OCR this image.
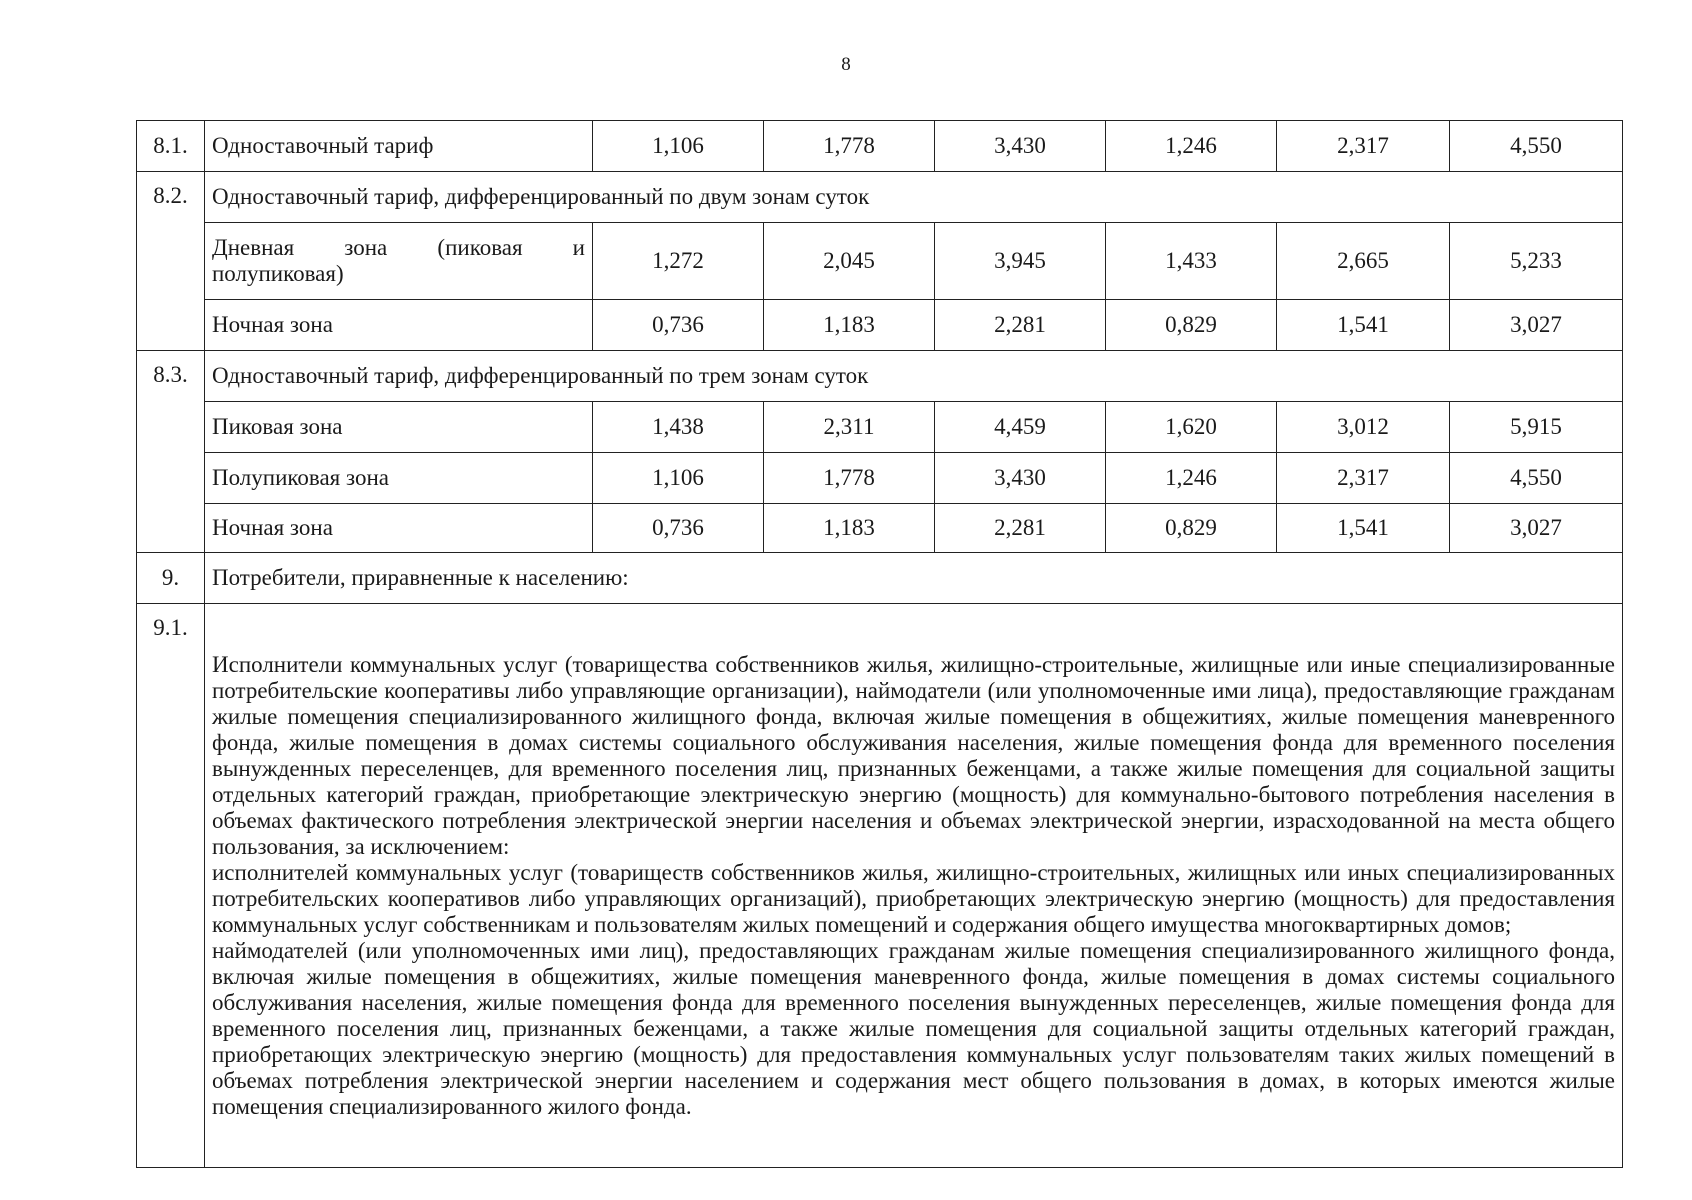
8
8.1.	Одноставочный тариф	1,106	1,778	3,430	1,246	2,317	4,550
8.2.	Одноставочный тариф, дифференцированный по двум зонам суток						

	Дневная зона (пиковая и полупиковая)	1,272	2,045	3,945	1,433	2,665	5,233
	Ночная зона	0,736	1,183	2,281	0,829	1,541	3,027
8.3.	Одноставочный тариф, дифференцированный по трем зонам суток						
	Пиковая зона	1,438	2,311	4,459	1,620	3,012	5,915
	Полупиковая зона	1,106	1,778	3,430	1,246	2,317	4,550
	Ночная зона	0,736	1,183	2,281	0,829	1,541	3,027
9.	Потребители, приравненные к населению:						
9.1.	Исполнители коммунальных услуг (товарищества собственников жилья, жилищно-строительные, жилищные или иные специализированные потребительские кооперативы либо управляющие организации), наймодатели (или уполномоченные ими лица), предоставляющие гражданам жилые помещения специализированного жилищного фонда, включая жилые помещения в общежитиях, жилые помещения маневренного фонда, жилые помещения в домах системы социального обслуживания населения, жилые помещения фонда для временного поселения вынужденных переселенцев, для временного поселения лиц, признанных беженцами, а также жилые помещения для социальной защиты отдельных категорий граждан, приобретающие электрическую энергию (мощность) для коммунально-бытового потребления населения в объемах фактического потребления электрической энергии населения и объемах электрической энергии, израсходованной на места общего пользования, за исключением:

исполнителей коммунальных услуг (товариществ собственников жилья, жилищно-строительных, жилищных или иных специализированных потребительских кооперативов либо управляющих организаций), приобретающих электрическую энергию (мощность) для предоставления коммунальных услуг собственникам и пользователям жилых помещений и содержания общего имущества многоквартирных домов;

наймодателей (или уполномоченных ими лиц), предоставляющих гражданам жилые помещения специализированного жилищного фонда, включая жилые помещения в общежитиях, жилые помещения маневренного фонда, жилые помещения в домах системы социального обслуживания населения, жилые помещения фонда для временного поселения вынужденных переселенцев, жилые помещения фонда для временного поселения лиц, признанных беженцами, а также жилые помещения для социальной защиты отдельных категорий граждан, приобретающих электрическую энергию (мощность) для предоставления коммунальных услуг пользователям таких жилых помещений в объемах потребления электрической энергии населением и содержания мест общего пользования в домах, в которых имеются жилые помещения специализированного жилого фонда.						
